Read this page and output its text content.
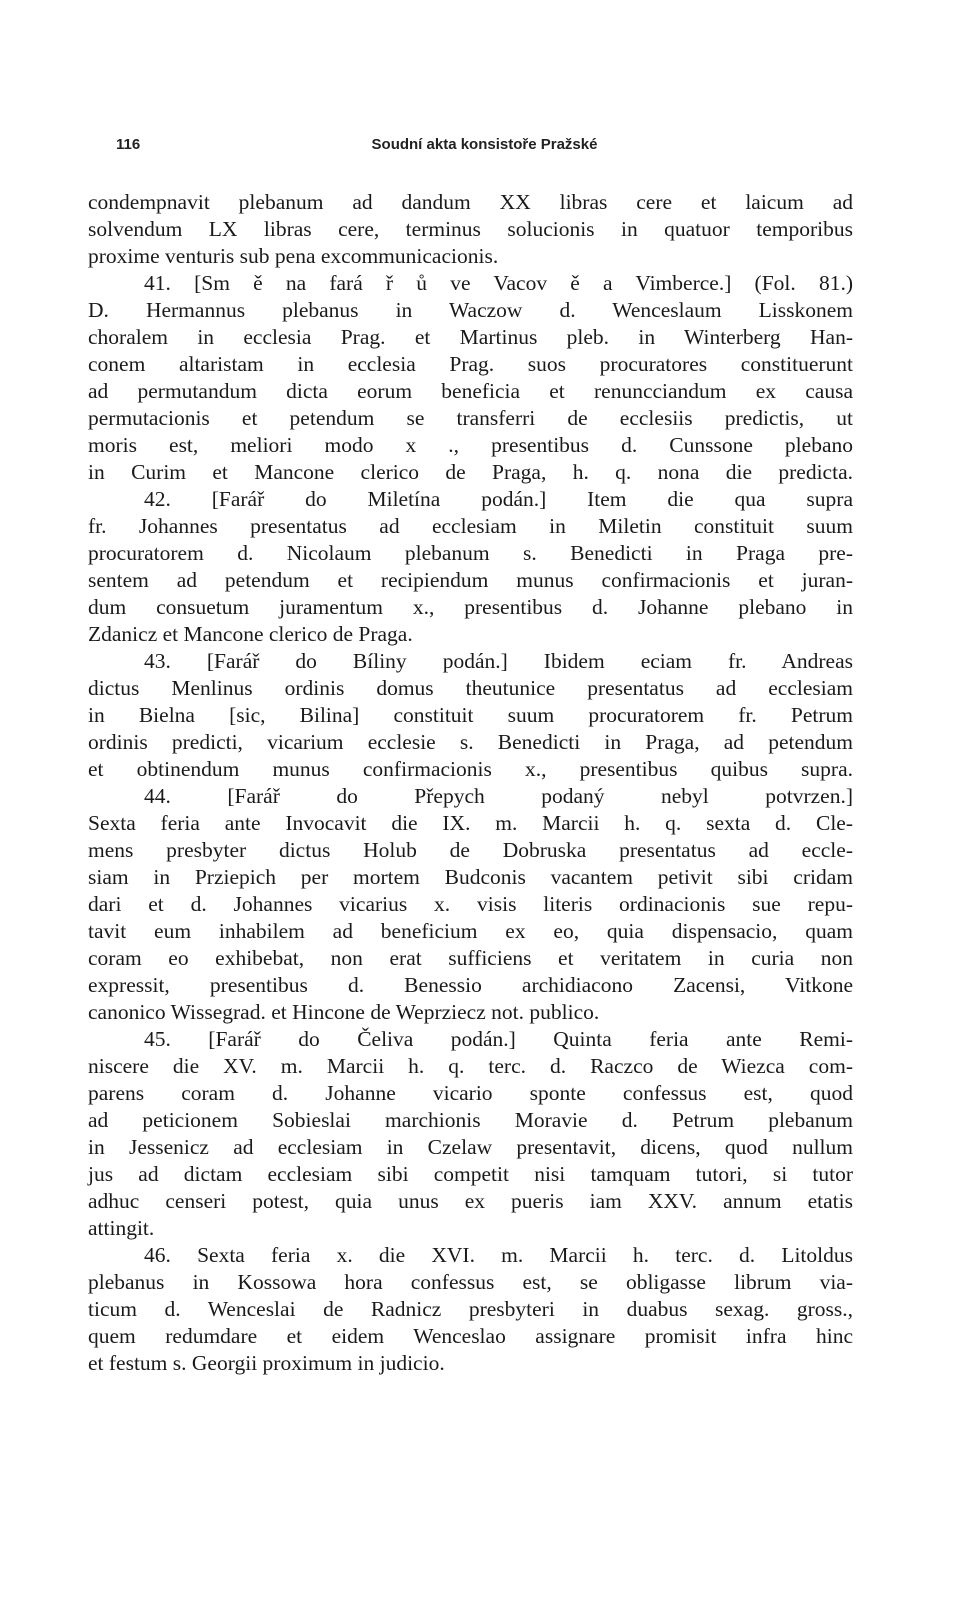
116	Soudní akta konsistoře Pražské
condempnavit plebanum ad dandum XX libras cere et laicum ad
solvendum LX libras cere, terminus solucionis in quatuor temporibus
proxime venturis sub pena excommunicacionis.
41. [Sm ě na fará ř ů ve Vacov ě a Vimberce.] (Fol. 81.)
D. Hermannus plebanus in Waczow d. Wenceslaum Lisskonem
choralem in ecclesia Prag. et Martinus pleb. in Winterberg Han-
conem altaristam in ecclesia Prag. suos procuratores constituerunt
ad permutandum dicta eorum beneficia et renuncciandum ex causa
permutacionis et petendum se transferri de ecclesiis predictis, ut
moris est, meliori modo x ., presentibus d. Cunssone plebano
in Curim et Mancone clerico de Praga, h. q. nona die predicta.
42. [Farář do Miletína podán.] Item die qua supra
fr. Johannes presentatus ad ecclesiam in Miletin constituit suum
procuratorem d. Nicolaum plebanum s. Benedicti in Praga pre-
sentem ad petendum et recipiendum munus confirmacionis et juran-
dum consuetum juramentum x., presentibus d. Johanne plebano in
Zdanicz et Mancone clerico de Praga.
43. [Farář do Bíliny podán.] Ibidem eciam fr. Andreas
dictus Menlinus ordinis domus theutunice presentatus ad ecclesiam
in Bielna [sic, Bilina] constituit suum procuratorem fr. Petrum
ordinis predicti, vicarium ecclesie s. Benedicti in Praga, ad petendum
et obtinendum munus confirmacionis x., presentibus quibus supra.
44. [Farář do Přepych podaný nebyl potvrzen.]
Sexta feria ante Invocavit die IX. m. Marcii h. q. sexta d. Cle-
mens presbyter dictus Holub de Dobruska presentatus ad eccle-
siam in Prziepich per mortem Budconis vacantem petivit sibi cridam
dari et d. Johannes vicarius x. visis literis ordinacionis sue repu-
tavit eum inhabilem ad beneficium ex eo, quia dispensacio, quam
coram eo exhibebat, non erat sufficiens et veritatem in curia non
expressit, presentibus d. Benessio archidiacono Zacensi, Vitkone
canonico Wissegrad. et Hincone de Weprziecz not. publico.
45. [Farář do Čeliva podán.] Quinta feria ante Remi-
niscere die XV. m. Marcii h. q. terc. d. Raczco de Wiezca com-
parens coram d. Johanne vicario sponte confessus est, quod
ad peticionem Sobieslai marchionis Moravie d. Petrum plebanum
in Jessenicz ad ecclesiam in Czelaw presentavit, dicens, quod nullum
jus ad dictam ecclesiam sibi competit nisi tamquam tutori, si tutor
adhuc censeri potest, quia unus ex pueris iam XXV. annum etatis
attingit.
46. Sexta feria x. die XVI. m. Marcii h. terc. d. Litoldus
plebanus in Kossowa hora confessus est, se obligasse librum via-
ticum d. Wenceslai de Radnicz presbyteri in duabus sexag. gross.,
quem redumdare et eidem Wenceslao assignare promisit infra hinc
et festum s. Georgii proximum in judicio.
